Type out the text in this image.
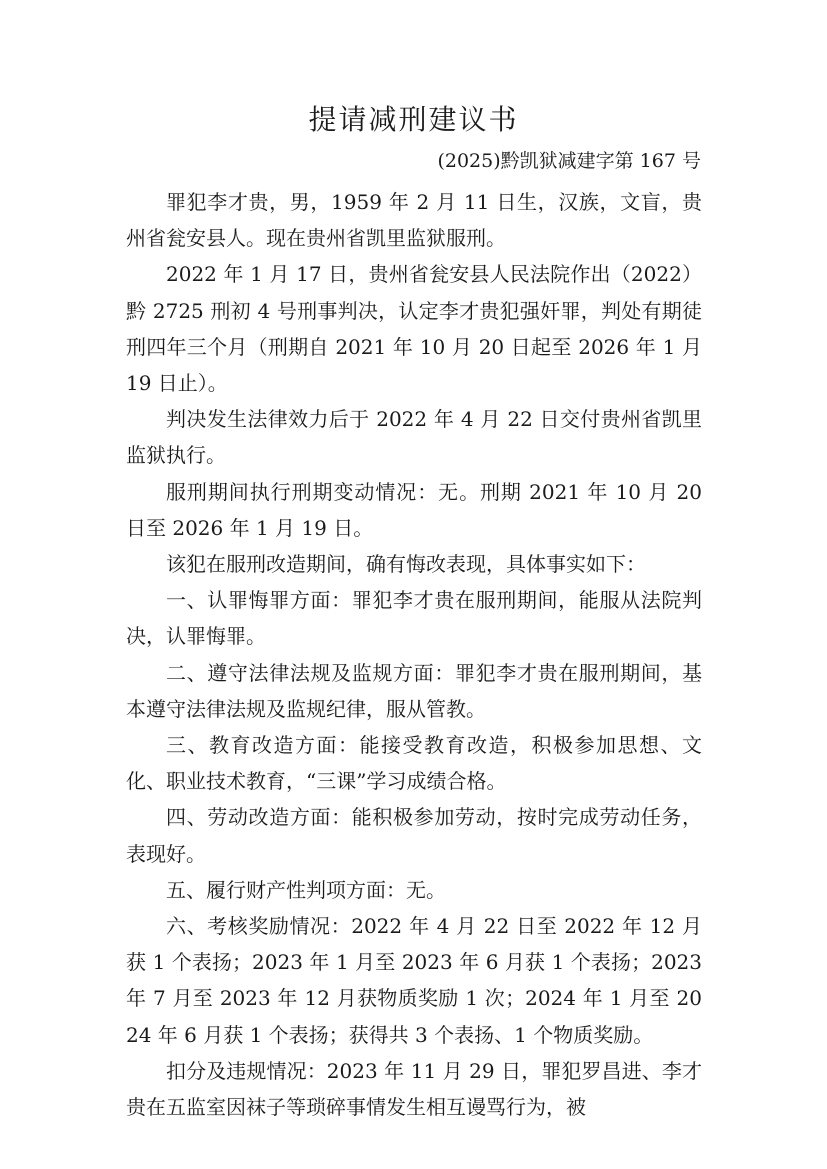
提请减刑建议书
(2025)黔凯狱减建字第 167 号

罪犯李才贵，男，1959 年 2 月 11 日生，汉族，文盲，贵州省瓮安县人。现在贵州省凯里监狱服刑。

2022 年 1 月 17 日，贵州省瓮安县人民法院作出（2022）黔 2725 刑初 4 号刑事判决，认定李才贵犯强奸罪，判处有期徒刑四年三个月（刑期自 2021 年 10 月 20 日起至 2026 年 1 月 19 日止）。

判决发生法律效力后于 2022 年 4 月 22 日交付贵州省凯里监狱执行。

服刑期间执行刑期变动情况：无。刑期 2021 年 10 月 20 日至 2026 年 1 月 19 日。

该犯在服刑改造期间，确有悔改表现，具体事实如下：

一、认罪悔罪方面：罪犯李才贵在服刑期间，能服从法院判决，认罪悔罪。

二、遵守法律法规及监规方面：罪犯李才贵在服刑期间，基本遵守法律法规及监规纪律，服从管教。

三、教育改造方面：能接受教育改造，积极参加思想、文化、职业技术教育，“三课”学习成绩合格。

四、劳动改造方面：能积极参加劳动，按时完成劳动任务，表现好。

五、履行财产性判项方面：无。

六、考核奖励情况：2022 年 4 月 22 日至 2022 年 12 月获 1 个表扬；2023 年 1 月至 2023 年 6 月获 1 个表扬；2023 年 7 月至 2023 年 12 月获物质奖励 1 次；2024 年 1 月至 2024 年 6 月获 1 个表扬；获得共 3 个表扬、1 个物质奖励。

扣分及违规情况：2023 年 11 月 29 日，罪犯罗昌进、李才贵在五监室因袜子等琐碎事情发生相互谩骂行为，被
